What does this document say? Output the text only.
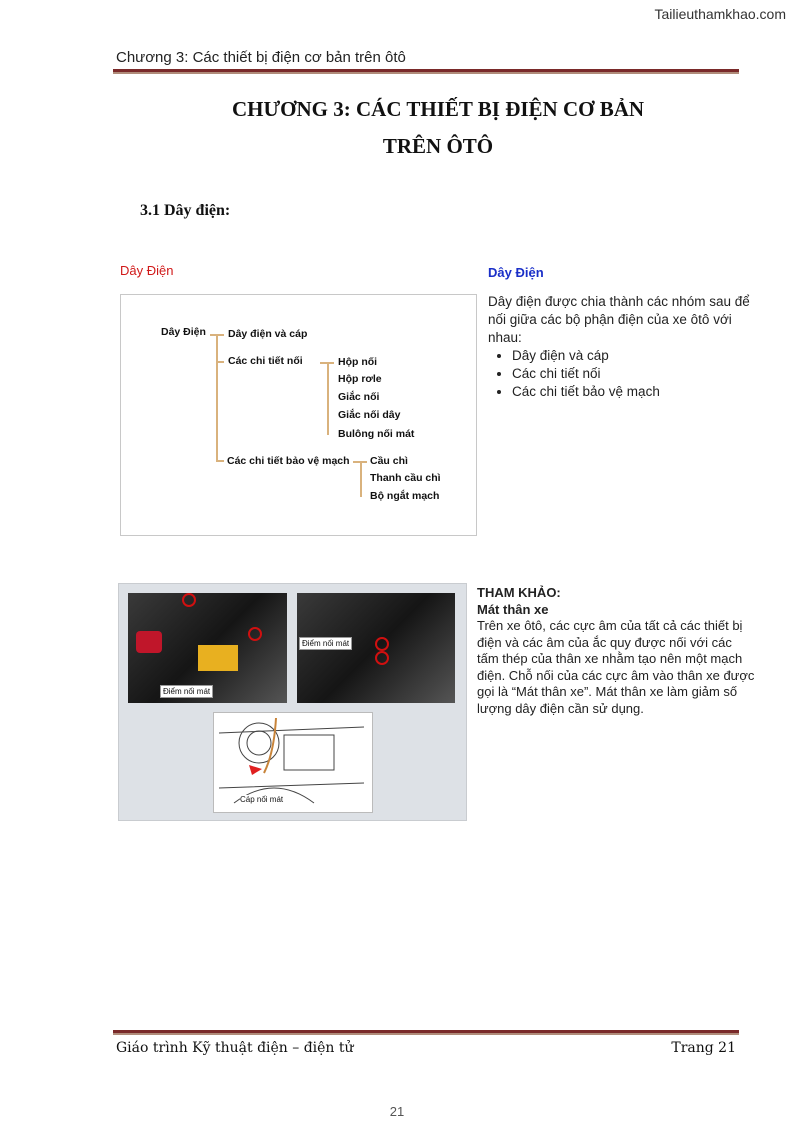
Tailieuthamkhao.com
Chương 3: Các thiết bị điện cơ bản trên ôtô
CHƯƠNG 3: CÁC THIẾT BỊ ĐIỆN CƠ BẢN
TRÊN ÔTÔ
3.1 Dây điện:
Dây Điện
Dây Điện Dây điện và cáp
Các chi tiết nối
Các chi tiết bảo vệ mạch
Hộp nối
Hộp rơle
Giắc nối
Giắc nối dây
Bulông nối mát
Cầu chì
Thanh cầu chì
Bộ ngắt mạch
Dây Điện
Dây điện được chia thành các nhóm sau để nối giữa các bộ phận điện của xe ôtô với nhau:
• Dây điện và cáp
• Các chi tiết nối
• Các chi tiết bảo vệ mạch
Điểm nối mát
Điểm nối mát
Cáp nối mát
THAM KHẢO:
Mát thân xe
Trên xe ôtô, các cực âm của tất cả các thiết bị điện và các âm của ắc quy được nối với các tấm thép của thân xe nhằm tạo nên một mạch điện. Chỗ nối của các cực âm vào thân xe được gọi là “Mát thân xe”. Mát thân xe làm giảm số lượng dây điện cần sử dụng.
Giáo trình Kỹ thuật điện – điện tử	Trang 21
21
